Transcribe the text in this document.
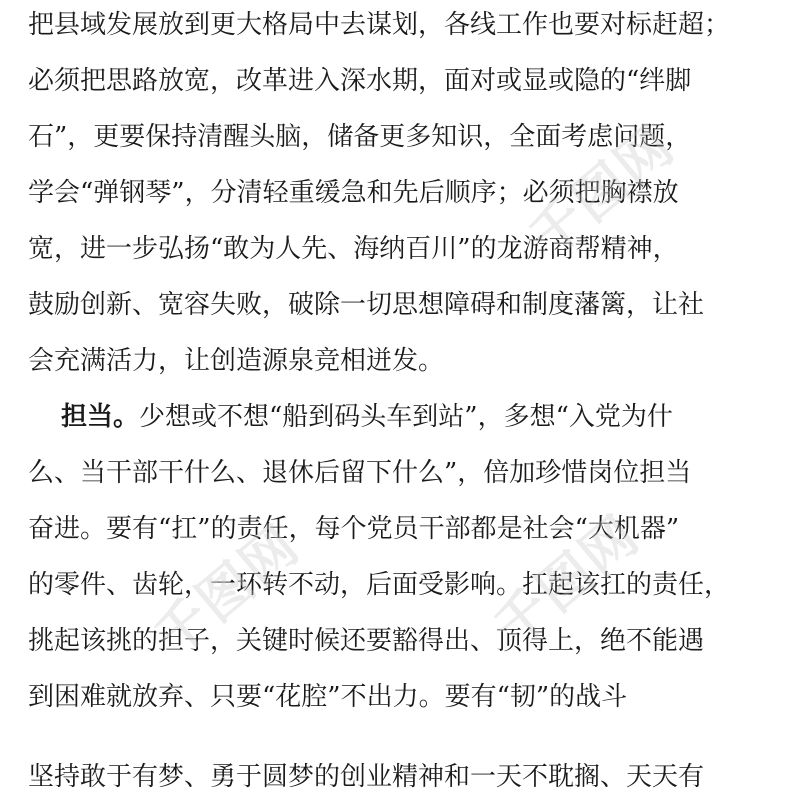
把县域发展放到更大格局中去谋划，各线工作也要对标赶超；
必须把思路放宽，改革进入深水期，面对或显或隐的“绊脚
石”，更要保持清醒头脑，储备更多知识，全面考虑问题，
学会“弹钢琴”，分清轻重缓急和先后顺序；必须把胸襟放
宽，进一步弘扬“敢为人先、海纳百川”的龙游商帮精神，
鼓励创新、宽容失败，破除一切思想障碍和制度藩篱，让社
会充满活力，让创造源泉竞相迸发。
担当。少想或不想“船到码头车到站”，多想“入党为什
么、当干部干什么、退休后留下什么”，倍加珍惜岗位担当
奋进。要有“扛”的责任，每个党员干部都是社会“大机器”
的零件、齿轮，一环转不动，后面受影响。扛起该扛的责任，
挑起该挑的担子，关键时候还要豁得出、顶得上，绝不能遇
到困难就放弃、只要“花腔”不出力。要有“韧”的战斗
坚持敢于有梦、勇于圆梦的创业精神和一天不耽搁、天天有
千图网
千图网	千图网
